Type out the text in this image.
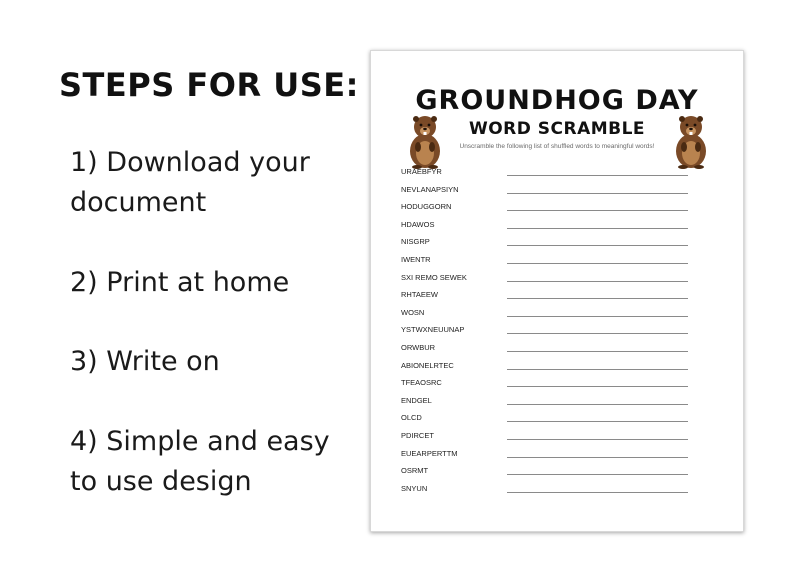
STEPS FOR USE:
1) Download your document
2) Print at home
3) Write on
4) Simple and easy to use design
GROUNDHOG DAY
WORD SCRAMBLE
Unscramble the following list of shuffled words to meaningful words!
URAEBFYR
NEVLANAPSIYN
HODUGGORN
HDAWOS
NISGRP
IWENTR
SXI REMO SEWEK
RHTAEEW
WOSN
YSTWXNEUUNAP
ORWBUR
ABIONELRTEC
TFEAOSRC
ENDGEL
OLCD
PDIRCET
EUEARPERTTM
OSRMT
SNYUN
